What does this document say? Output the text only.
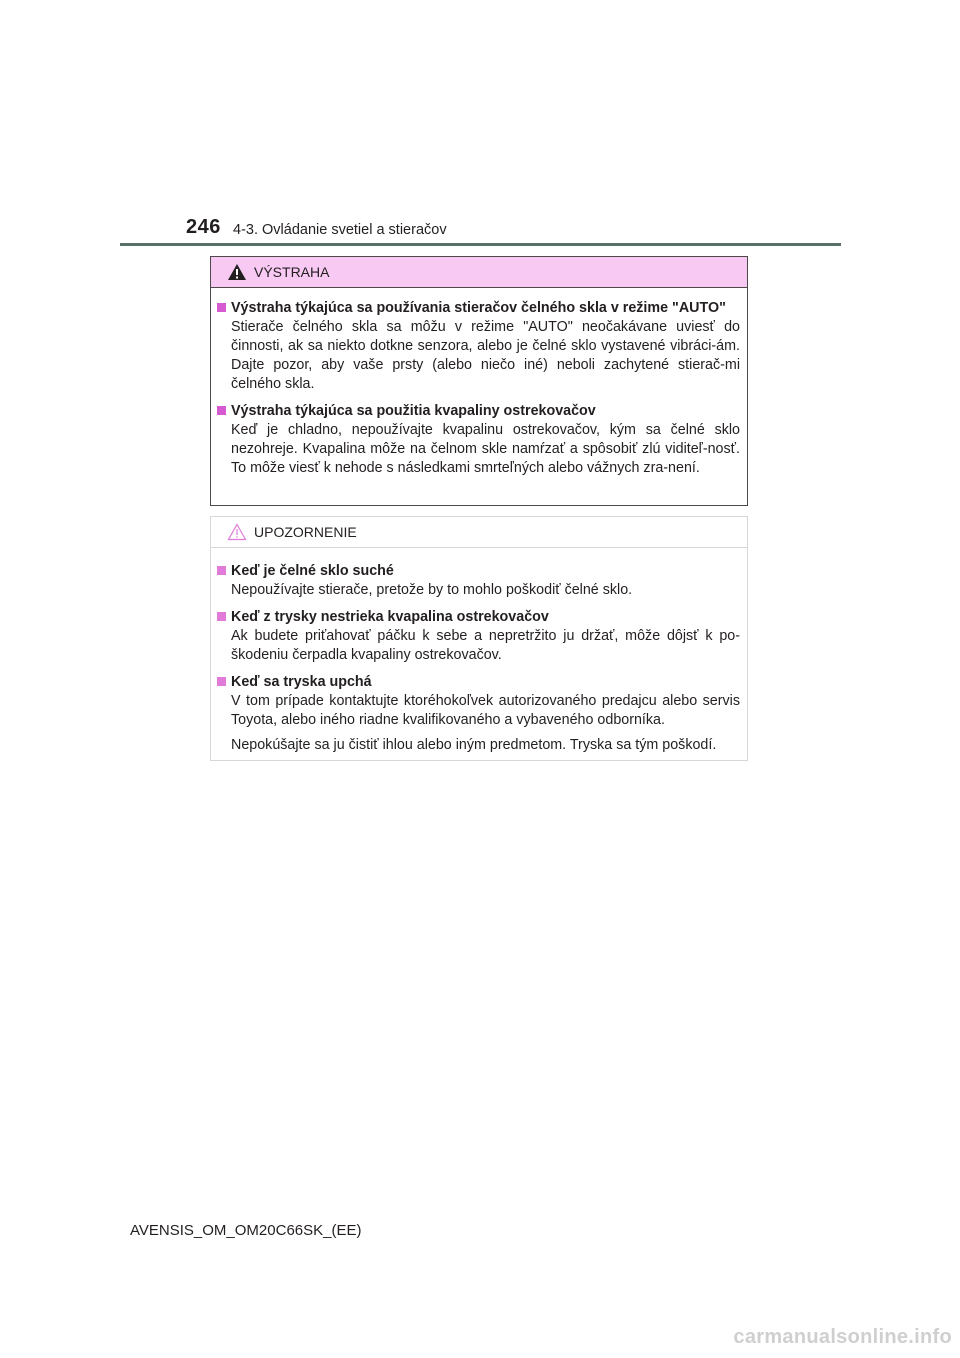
246 4-3. Ovládanie svetiel a stieračov
VÝSTRAHA
Výstraha týkajúca sa používania stieračov čelného skla v režime "AUTO"
Stierače čelného skla sa môžu v režime "AUTO" neočakávane uviesť do činnosti, ak sa niekto dotkne senzora, alebo je čelné sklo vystavené vibráci-ám. Dajte pozor, aby vaše prsty (alebo niečo iné) neboli zachytené stierač-mi čelného skla.
Výstraha týkajúca sa použitia kvapaliny ostrekovačov
Keď je chladno, nepoužívajte kvapalinu ostrekovačov, kým sa čelné sklo nezohreje. Kvapalina môže na čelnom skle namŕzať a spôsobiť zlú viditeľ-nosť. To môže viesť k nehode s následkami smrteľných alebo vážnych zra-není.
UPOZORNENIE
Keď je čelné sklo suché
Nepoužívajte stierače, pretože by to mohlo poškodiť čelné sklo.
Keď z trysky nestrieka kvapalina ostrekovačov
Ak budete priťahovať páčku k sebe a nepretržito ju držať, môže dôjsť k po-škodeniu čerpadla kvapaliny ostrekovačov.
Keď sa tryska upchá
V tom prípade kontaktujte ktoréhokoľvek autorizovaného predajcu alebo servis Toyota, alebo iného riadne kvalifikovaného a vybaveného odborníka.
Nepokúšajte sa ju čistiť ihlou alebo iným predmetom. Tryska sa tým poškodí.
AVENSIS_OM_OM20C66SK_(EE)
carmanualsonline.info
